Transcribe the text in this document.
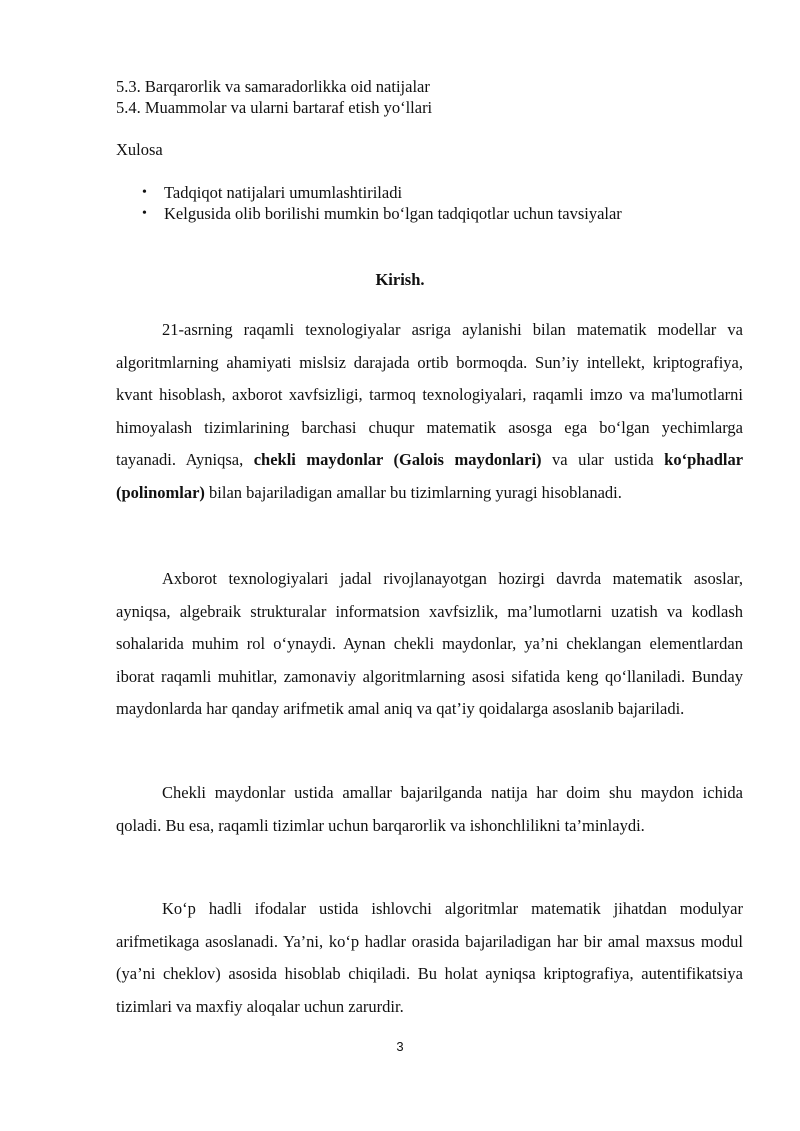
5.3. Barqarorlik va samaradorlikka oid natijalar
5.4. Muammolar va ularni bartaraf etish yo‘llari
Xulosa
• Tadqiqot natijalari umumlashtiriladi
• Kelgusida olib borilishi mumkin bo‘lgan tadqiqotlar uchun tavsiyalar
Kirish.

21-asrning raqamli texnologiyalar asriga aylanishi bilan matematik modellar va algoritmlarning ahamiyati mislsiz darajada ortib bormoqda. Sun’iy intellekt, kriptografiya, kvant hisoblash, axborot xavfsizligi, tarmoq texnologiyalari, raqamli imzo va ma'lumotlarni himoyalash tizimlarining barchasi chuqur matematik asosga ega bo‘lgan yechimlarga tayanadi. Ayniqsa, chekli maydonlar (Galois maydonlari) va ular ustida ko‘phadlar (polinomlar) bilan bajariladigan amallar bu tizimlarning yuragi hisoblanadi.

Axborot texnologiyalari jadal rivojlanayotgan hozirgi davrda matematik asoslar, ayniqsa, algebraik strukturalar informatsion xavfsizlik, ma’lumotlarni uzatish va kodlash sohalarida muhim rol o‘ynaydi. Aynan chekli maydonlar, ya’ni cheklangan elementlardan iborat raqamli muhitlar, zamonaviy algoritmlarning asosi sifatida keng qo‘llaniladi. Bunday maydonlarda har qanday arifmetik amal aniq va qat’iy qoidalarga asoslanib bajariladi.

Chekli maydonlar ustida amallar bajarilganda natija har doim shu maydon ichida qoladi. Bu esa, raqamli tizimlar uchun barqarorlik va ishonchlilikni ta’minlaydi.

Ko‘p hadli ifodalar ustida ishlovchi algoritmlar matematik jihatdan modulyar arifmetikaga asoslanadi. Ya’ni, ko‘p hadlar orasida bajariladigan har bir amal maxsus modul (ya’ni cheklov) asosida hisoblab chiqiladi. Bu holat ayniqsa kriptografiya, autentifikatsiya tizimlari va maxfiy aloqalar uchun zarurdir.

3
